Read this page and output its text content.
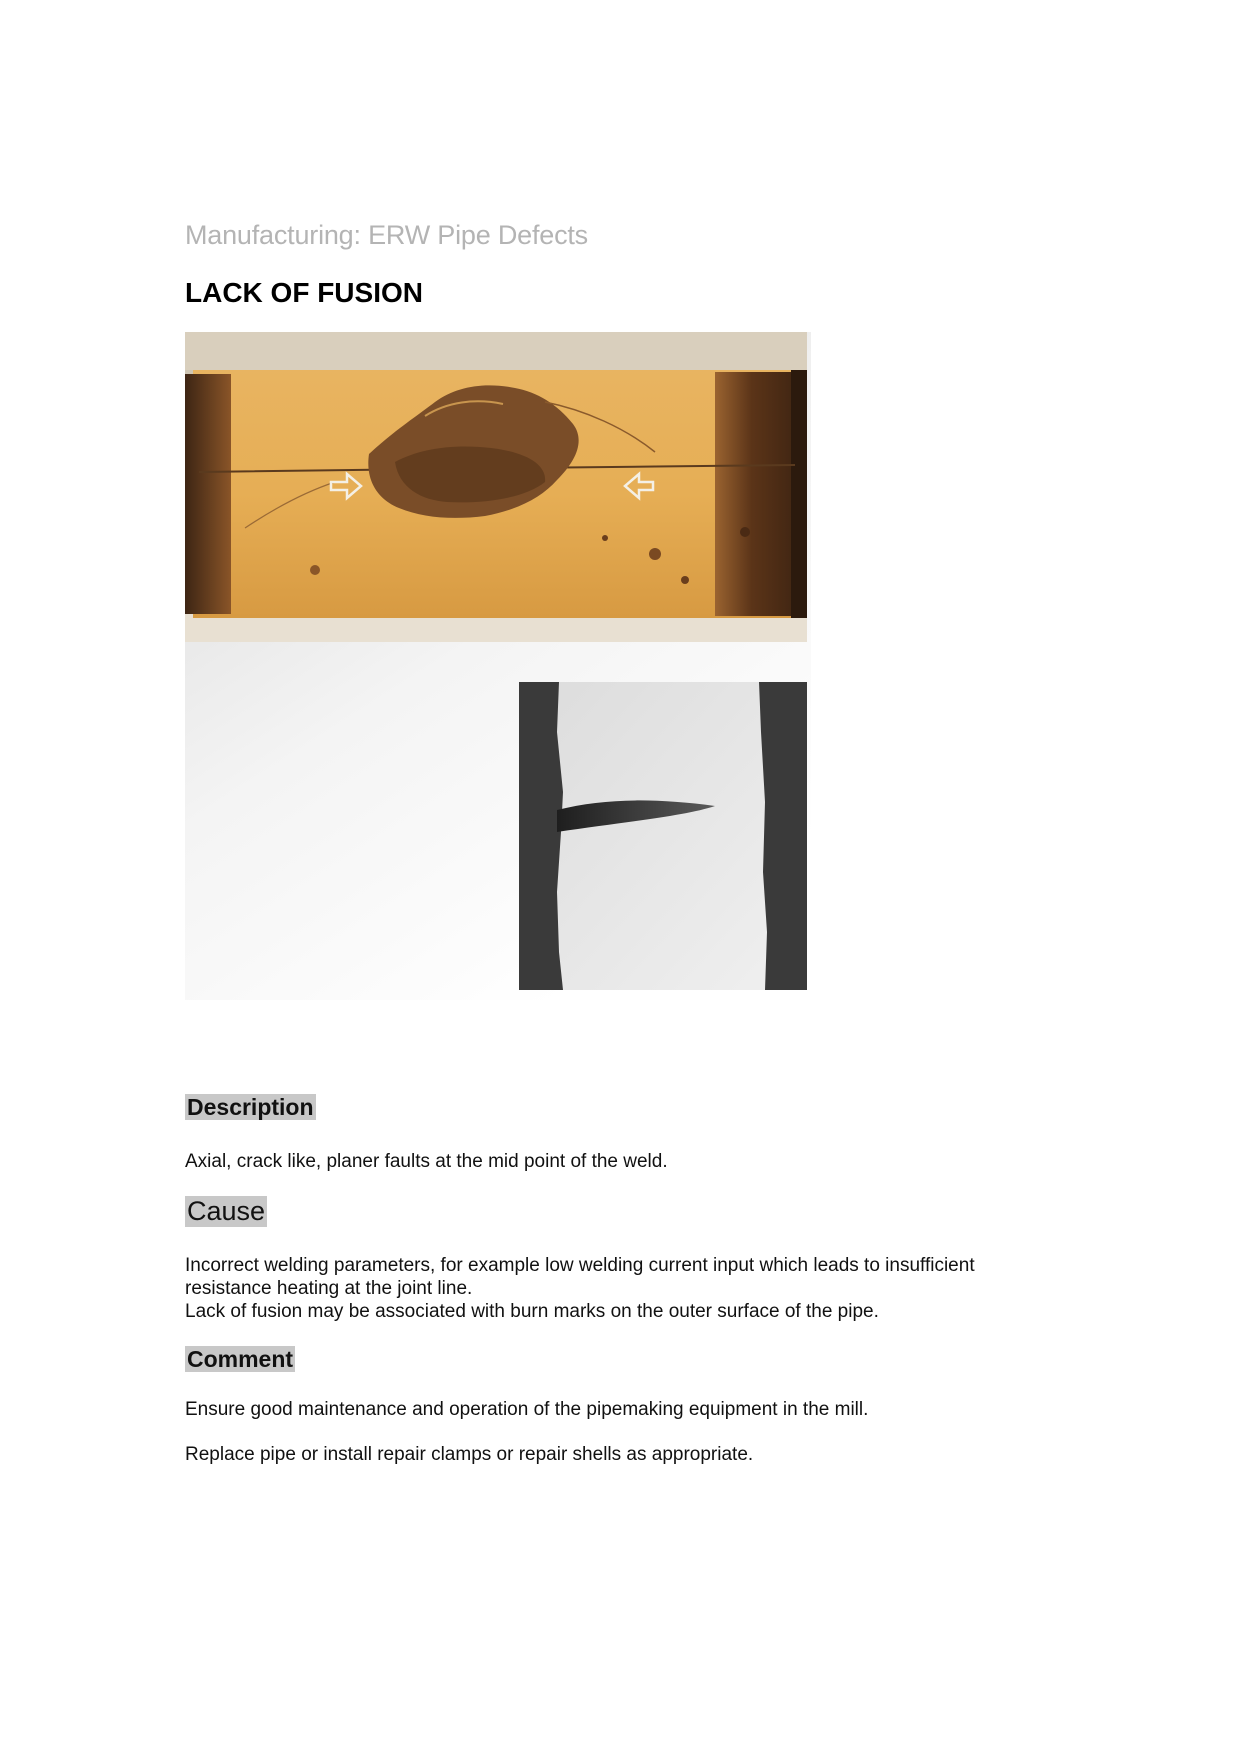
Manufacturing: ERW Pipe Defects
LACK OF FUSION
Description

Axial, crack like, planer faults at the mid point of the weld.

Cause

Incorrect welding parameters, for example low welding current input which leads to insufficient

resistance heating at the joint line.

Lack of fusion may be associated with burn marks on the outer surface of the pipe.

Comment

Ensure good maintenance and operation of the pipemaking equipment in the mill.

Replace pipe or install repair clamps or repair shells as appropriate.
